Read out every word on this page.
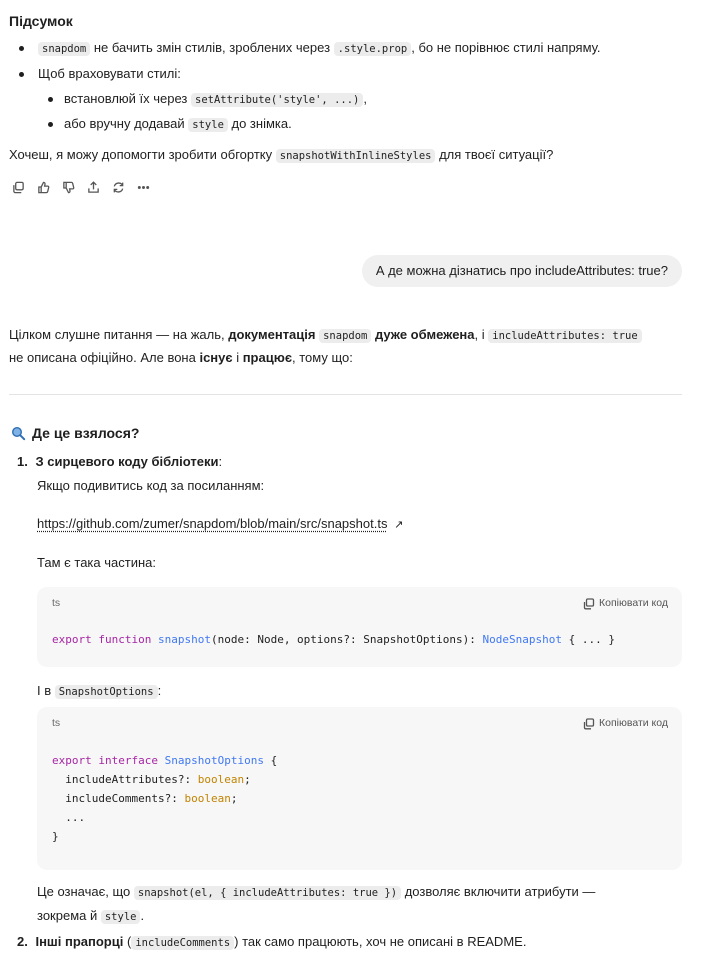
Підсумок
snapdom не бачить змін стилів, зроблених через .style.prop , бо не порівнює стилі напряму.
Щоб враховувати стилі:
встановлюй їх через setAttribute('style', ...) ,
або вручну додавай style до знімка.
Хочеш, я можу допомогти зробити обгортку snapshotWithInlineStyles для твоєї ситуації?
А де можна дізнатись про includeAttributes: true?
Цілком слушне питання — на жаль, документація snapdom дуже обмежена, і includeAttributes: true
не описана офіційно. Але вона існує і працює, тому що:
Де це взялося?
1. З сирцевого коду бібліотеки:
Якщо подивитись код за посиланням:
https://github.com/zumer/snapdom/blob/main/src/snapshot.ts ↗
Там є така частина:
ts	Копіювати код
export function snapshot(node: Node, options?: SnapshotOptions): NodeSnapshot { ... }
І в SnapshotOptions :
ts	Копіювати код
export interface SnapshotOptions {
includeAttributes?: boolean;
includeComments?: boolean;
...
}
Це означає, що snapshot(el, { includeAttributes: true }) дозволяє включити атрибути —
зокрема й style .
2. Інші прапорці ( includeComments ) так само працюють, хоч не описані в README.
